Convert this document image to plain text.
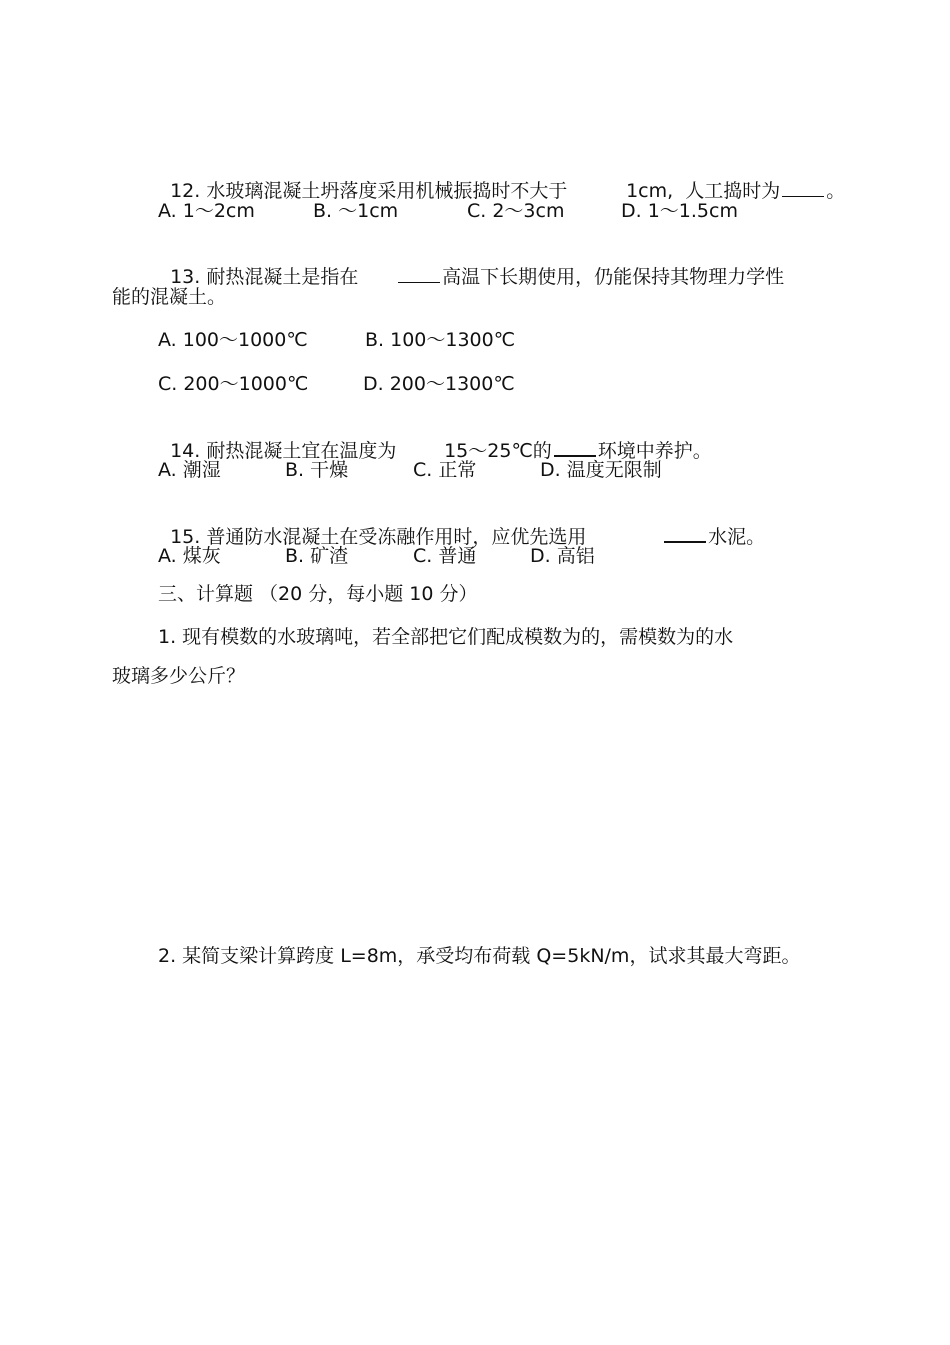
12. 水玻璃混凝土坍落度采用机械振捣时不大于	1cm,  人工捣时为 。

A. 1～2cm	B. ～1cm	C. 2～3cm	D. 1～1.5cm

13. 耐热混凝土是指在	高温下长期使用，仍能保持其物理力学性

能的混凝土。
A. 100～1000℃	B. 100～1300℃
C. 200～1000℃	D. 200～1300℃

14. 耐热混凝土宜在温度为	15～25℃的 环境中养护。

A. 潮湿	B. 干燥	C. 正常	D. 温度无限制

15. 普通防水混凝土在受冻融作用时，应优先选用	水泥。

A. 煤灰	B. 矿渣	C. 普通	D. 高铝
三、计算题 （20 分，每小题 10 分）
1. 现有模数的水玻璃吨，若全部把它们配成模数为的，需模数为的水
玻璃多少公斤？
2. 某简支梁计算跨度 L=8m，承受均布荷载 Q=5kN/m，试求其最大弯距。
